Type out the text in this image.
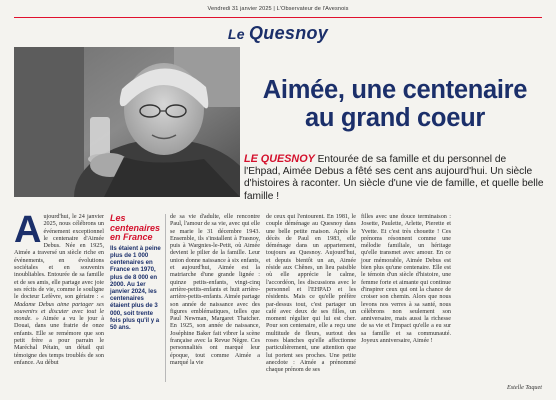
Vendredi 31 janvier 2025 | L'Observateur de l'Avesnois
Le Quesnoy
Aimée, une centenaire au grand coeur
LE QUESNOY Entourée de sa famille et du personnel de l'Ehpad, Aimée Debus a fêté ses cent ans aujourd'hui. Un siècle d'histoires à raconter. Un siècle d'une vie de famille, et quelle belle famille !

Aujourd'hui, le 24 janvier 2025, nous célébrons un événement exceptionnel le centenaire d'Aimée Debus. Née en 1925, Aimée a traversé un siècle riche en événements, en évolutions sociétales et en souvenirs inoubliables. Entourée de sa famille et de ses amis, elle partage avec joie ses récits de vie, comme le souligne le docteur Lefèvre, son gériatre : « Madame Debus aime partager ses souvenirs et discuter avec tout le monde. » Aimée a vu le jour à Douai, dans une fratrie de onze enfants. Elle se remémore que son petit frère a pour parrain le Maréchal Pétain, un détail qui témoigne des temps troublés de son enfance. Au début

Les centenaires en France

Ils étaient à peine plus de 1 000 centenaires en France en 1970, plus de 8 000 en 2000. Au 1er janvier 2024, les centenaires étaient plus de 3 000, soit trente fois plus qu'il y a 50 ans.

de sa vie d'adulte, elle rencontre Paul, l'amour de sa vie, avec qui elle se marie le 31 décembre 1943. Ensemble, ils s'installent à Frasnoy, puis à Wargnies-le-Petit, où Aimée devient le pilier de la famille. Leur union donne naissance à six enfants, et aujourd'hui, Aimée est la matriarche d'une grande lignée : quinze petits-enfants, vingt-cinq arrière-petits-enfants et huit arrière-arrière-petits-enfants. Aimée partage son année de naissance avec des figures emblématiques, telles que Paul Newman, Margaret Thatcher. En 1925, son année de naissance, Joséphine Baker fait vibrer la scène française avec la Revue Nègre. Ces personnalités ont marqué leur époque, tout comme Aimée a marqué la vie

de ceux qui l'entourent. En 1981, le couple déménage au Quesnoy dans une belle petite maison. Après le décès de Paul en 1983, elle déménage dans un appartement, toujours au Quesnoy. Aujourd'hui, et depuis bientôt un an, Aimée réside aux Chênes, un lieu paisible où elle apprécie le calme, l'accordéon, les discussions avec le personnel et l'EHPAD et les résidents. Mais ce qu'elle préfère par-dessus tout, c'est partager un café avec deux de ses filles, un moment régulier qui lui est cher. Pour son centenaire, elle a reçu une multitude de fleurs, surtout des roses blanches qu'elle affectionne particulièrement, une attention que lui portent ses proches. Une petite anecdote : Aimée a prénommé chaque prénom de ses

filles avec une douce terminaison : Josette, Paulette, Arlette, Pierette et Yvette. Et c'est très chouette ! Ces prénoms résonnent comme une mélodie familiale, un héritage qu'elle transmet avec amour. En ce jour mémorable, Aimée Debus est bien plus qu'une centenaire. Elle est le témoin d'un siècle d'histoire, une femme forte et aimante qui continue d'inspirer ceux qui ont la chance de croiser son chemin. Alors que nous levons nos verres à sa santé, nous célébrons non seulement son anniversaire, mais aussi la richesse de sa vie et l'impact qu'elle a eu sur sa famille et sa communauté. Joyeux anniversaire, Aimée !

Estelle Taquet
